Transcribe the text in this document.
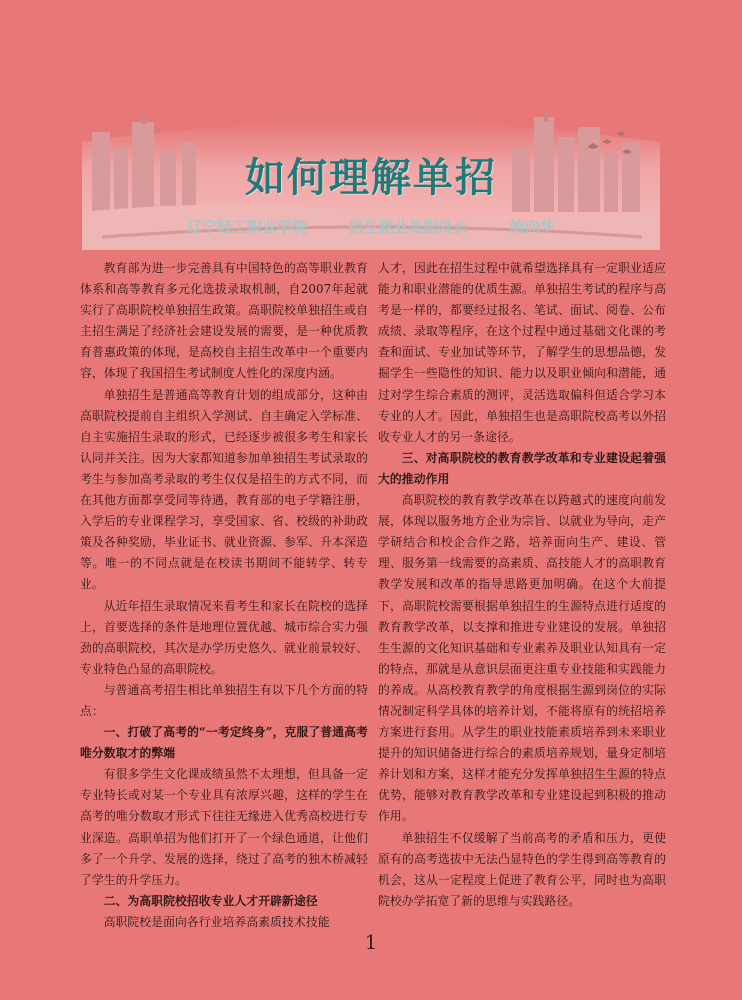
如何理解单招
辽宁轻工职业学院	招生就业处副处长	鲍向华

教育部为进一步完善具有中国特色的高等职业教育体系和高等教育多元化选拔录取机制，自2007年起就实行了高职院校单独招生政策。高职院校单独招生或自主招生满足了经济社会建设发展的需要，是一种优质教育普惠政策的体现，是高校自主招生改革中一个重要内容，体现了我国招生考试制度人性化的深度内涵。

单独招生是普通高等教育计划的组成部分，这种由高职院校提前自主组织入学测试、自主确定入学标准、自主实施招生录取的形式，已经逐步被很多考生和家长认同并关注。因为大家都知道参加单独招生考试录取的考生与参加高考录取的考生仅仅是招生的方式不同，而在其他方面都享受同等待遇，教育部的电子学籍注册，入学后的专业课程学习，享受国家、省、校级的补助政策及各种奖励，毕业证书、就业资源、参军、升本深造等。唯一的不同点就是在校读书期间不能转学、转专业。

从近年招生录取情况来看考生和家长在院校的选择上，首要选择的条件是地理位置优越、城市综合实力强劲的高职院校，其次是办学历史悠久、就业前景较好、专业特色凸显的高职院校。

与普通高考招生相比单独招生有以下几个方面的特点：

一、打破了高考的“一考定终身”，克服了普通高考唯分数取才的弊端

有很多学生文化课成绩虽然不太理想，但具备一定专业特长或对某一个专业具有浓厚兴趣，这样的学生在高考的唯分数取才形式下往往无缘进入优秀高校进行专业深造。高职单招为他们打开了一个绿色通道，让他们多了一个升学、发展的选择，绕过了高考的独木桥减轻了学生的升学压力。

二、为高职院校招收专业人才开辟新途径

高职院校是面向各行业培养高素质技术技能

人才，因此在招生过程中就希望选择具有一定职业适应能力和职业潜能的优质生源。单独招生考试的程序与高考是一样的，都要经过报名、笔试、面试、阅卷、公布成绩、录取等程序，在这个过程中通过基础文化课的考查和面试、专业加试等环节，了解学生的思想品德，发掘学生一些隐性的知识、能力以及职业倾向和潜能，通过对学生综合素质的测评，灵活选取偏科但适合学习本专业的人才。因此，单独招生也是高职院校高考以外招收专业人才的另一条途径。

三、对高职院校的教育教学改革和专业建设起着强大的推动作用

高职院校的教育教学改革在以跨越式的速度向前发展，体现以服务地方企业为宗旨、以就业为导向，走产学研结合和校企合作之路，培养面向生产、建设、管理、服务第一线需要的高素质、高技能人才的高职教育教学发展和改革的指导思路更加明确。在这个大前提下，高职院校需要根据单独招生的生源特点进行适度的教育教学改革，以支撑和推进专业建设的发展。单独招生生源的文化知识基础和专业素养及职业认知具有一定的特点，那就是从意识层面更注重专业技能和实践能力的养成。从高校教育教学的角度根据生源到岗位的实际情况制定科学具体的培养计划，不能将原有的统招培养方案进行套用。从学生的职业技能素质培养到未来职业提升的知识储备进行综合的素质培养规划，量身定制培养计划和方案，这样才能充分发挥单独招生生源的特点优势，能够对教育教学改革和专业建设起到积极的推动作用。

单独招生不仅缓解了当前高考的矛盾和压力，更使原有的高考选拔中无法凸显特色的学生得到高等教育的机会，这从一定程度上促进了教育公平，同时也为高职院校办学拓宽了新的思维与实践路径。

1
